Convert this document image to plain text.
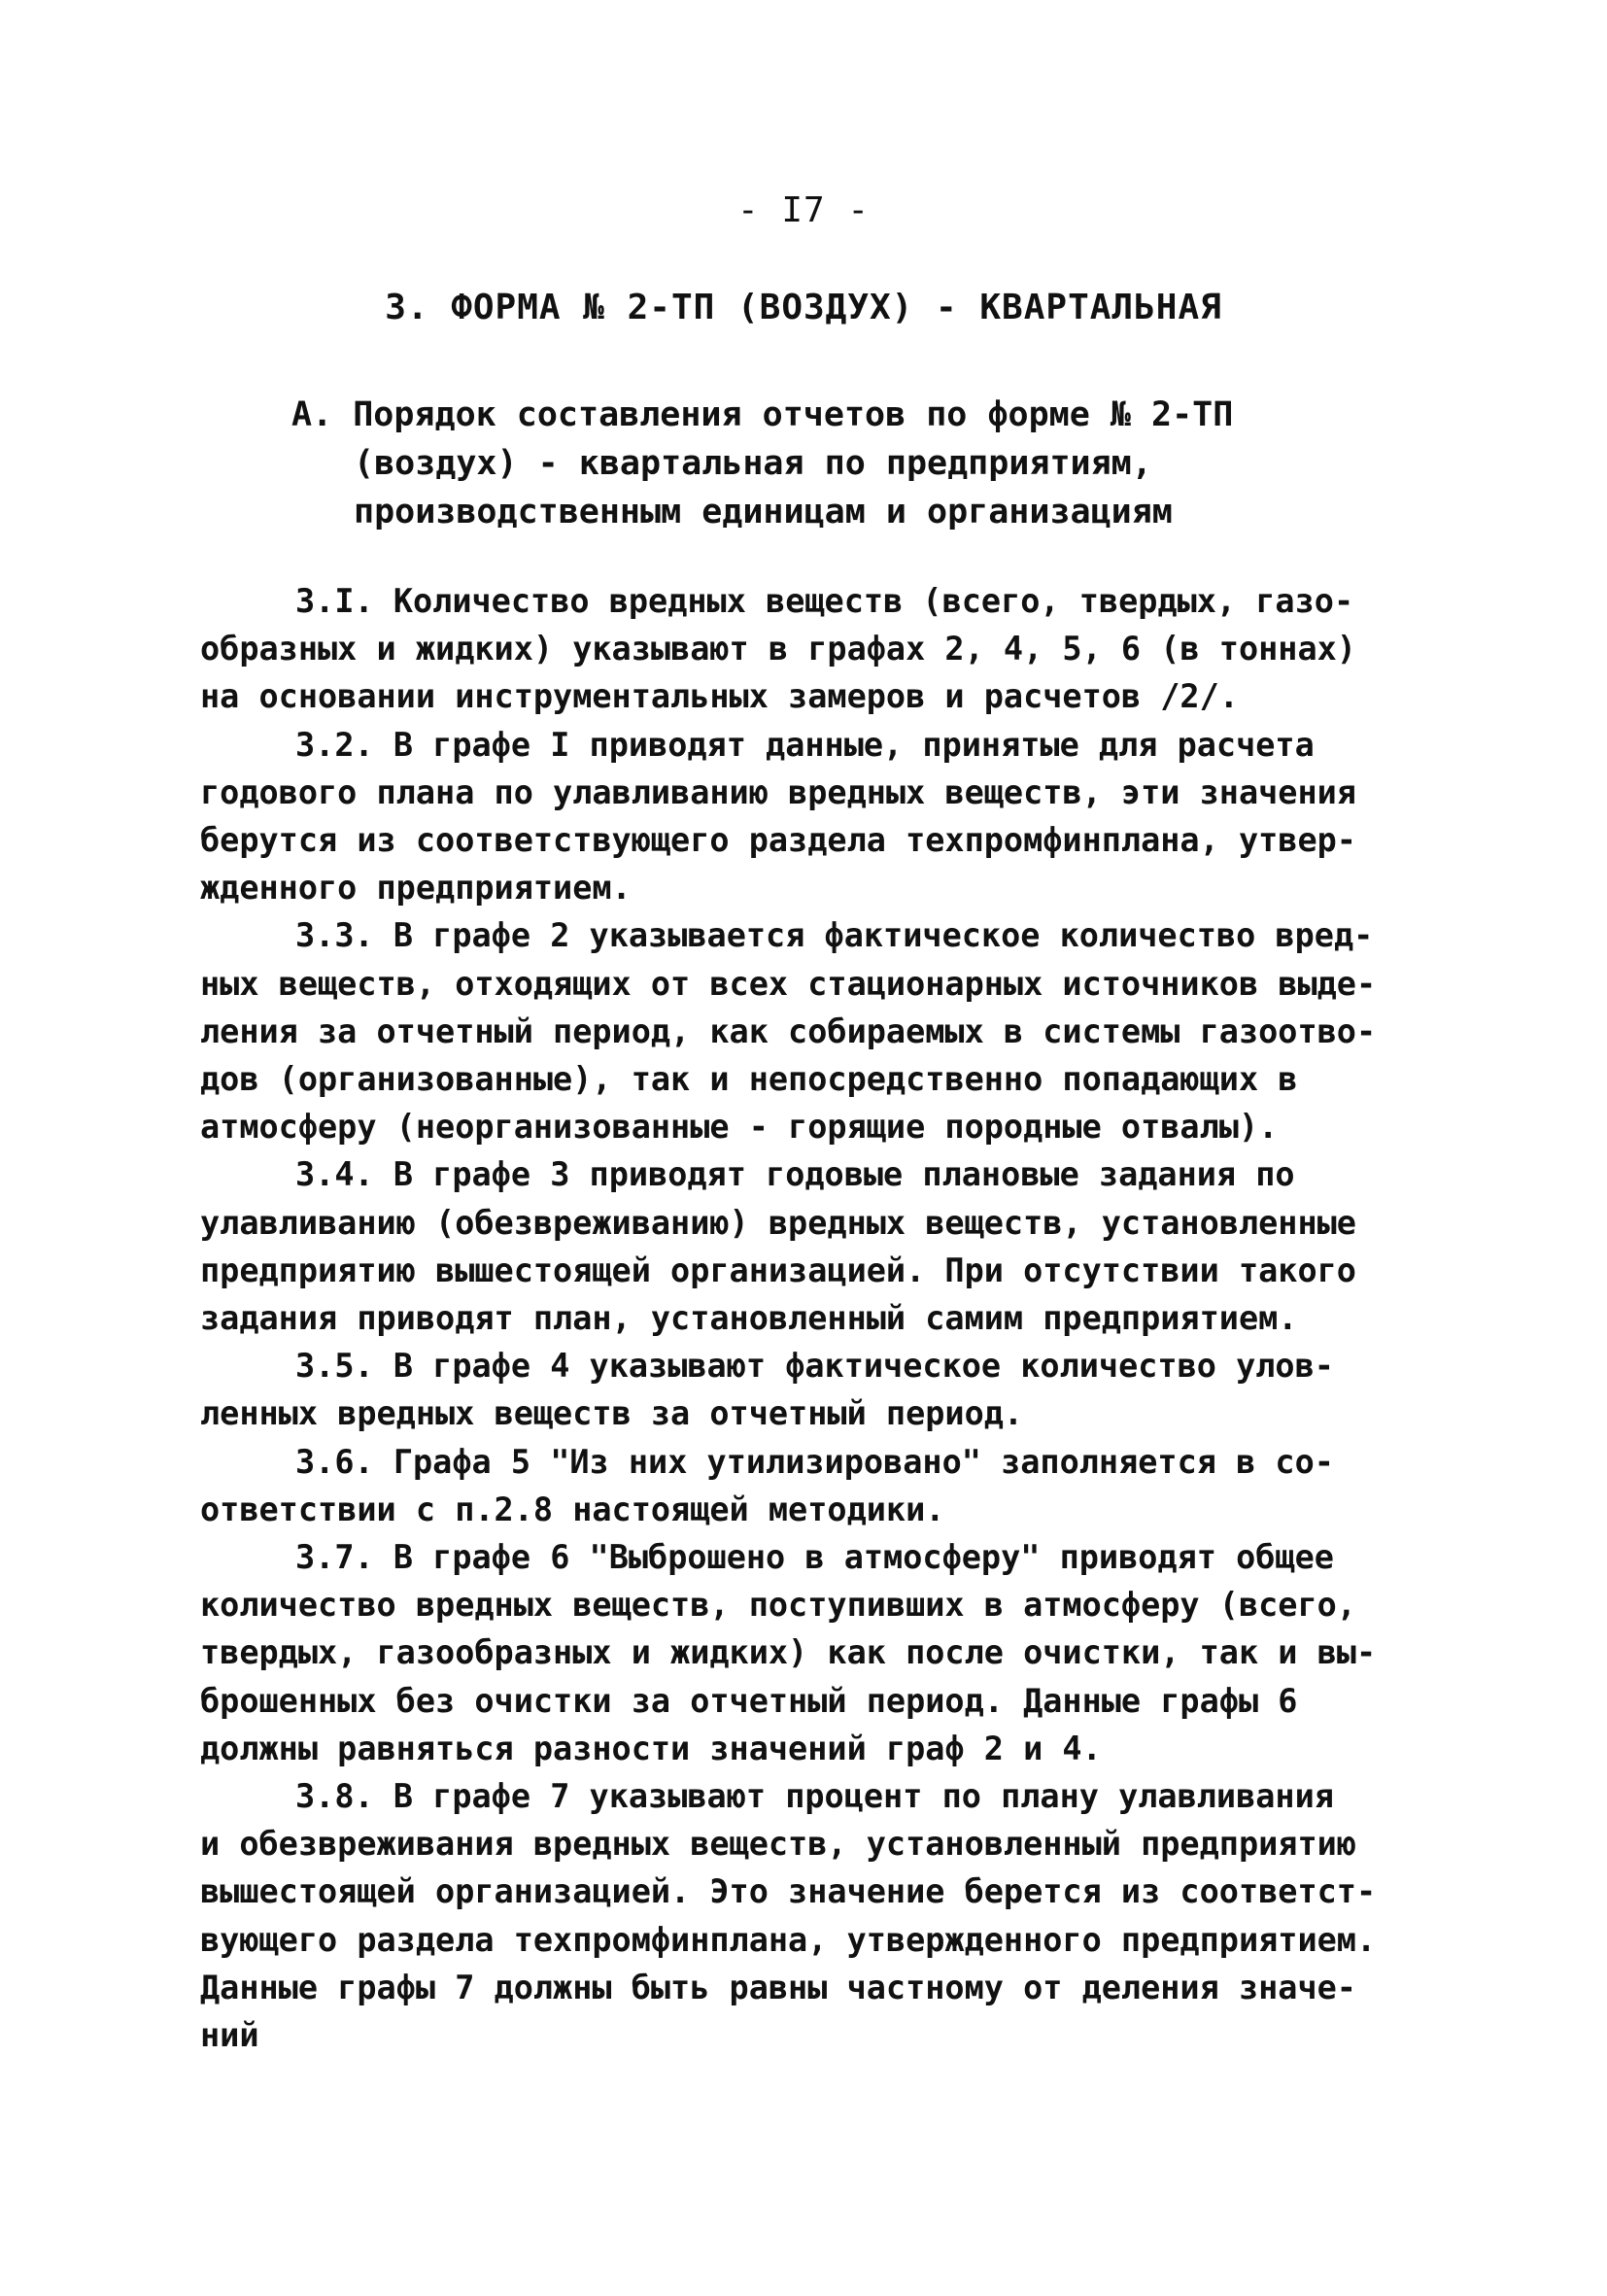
- I7 -
3. ФОРМА № 2-ТП (ВОЗДУХ) - КВАРТАЛЬНАЯ
А. Порядок составления отчетов по форме № 2-ТП
(воздух) - квартальная по предприятиям,
производственным единицам и организациям

3.I. Количество вредных веществ (всего, твердых, газо-
образных и жидких) указывают в графах 2, 4, 5, 6 (в тоннах)
на основании инструментальных замеров и расчетов /2/.

3.2. В графе I приводят данные, принятые для расчета
годового плана по улавливанию вредных веществ, эти значения
берутся из соответствующего раздела техпромфинплана, утвер-
жденного предприятием.

3.3. В графе 2 указывается фактическое количество вред-
ных веществ, отходящих от всех стационарных источников выде-
ления за отчетный период, как собираемых в системы газоотво-
дов (организованные), так и непосредственно попадающих в
атмосферу (неорганизованные - горящие породные отвалы).

3.4. В графе 3 приводят годовые плановые задания по
улавливанию (обезвреживанию) вредных веществ, установленные
предприятию вышестоящей организацией. При отсутствии такого
задания приводят план, установленный самим предприятием.

3.5. В графе 4 указывают фактическое количество улов-
ленных вредных веществ за отчетный период.

3.6. Графа 5 "Из них утилизировано" заполняется в со-
ответствии с п.2.8 настоящей методики.

3.7. В графе 6 "Выброшено в атмосферу" приводят общее
количество вредных веществ, поступивших в атмосферу (всего,
твердых, газообразных и жидких) как после очистки, так и вы-
брошенных без очистки за отчетный период. Данные графы 6
должны равняться разности значений граф 2 и 4.

3.8. В графе 7 указывают процент по плану улавливания
и обезвреживания вредных веществ, установленный предприятию
вышестоящей организацией. Это значение берется из соответст-
вующего раздела техпромфинплана, утвержденного предприятием.
Данные графы 7 должны быть равны частному от деления значе-
ний
